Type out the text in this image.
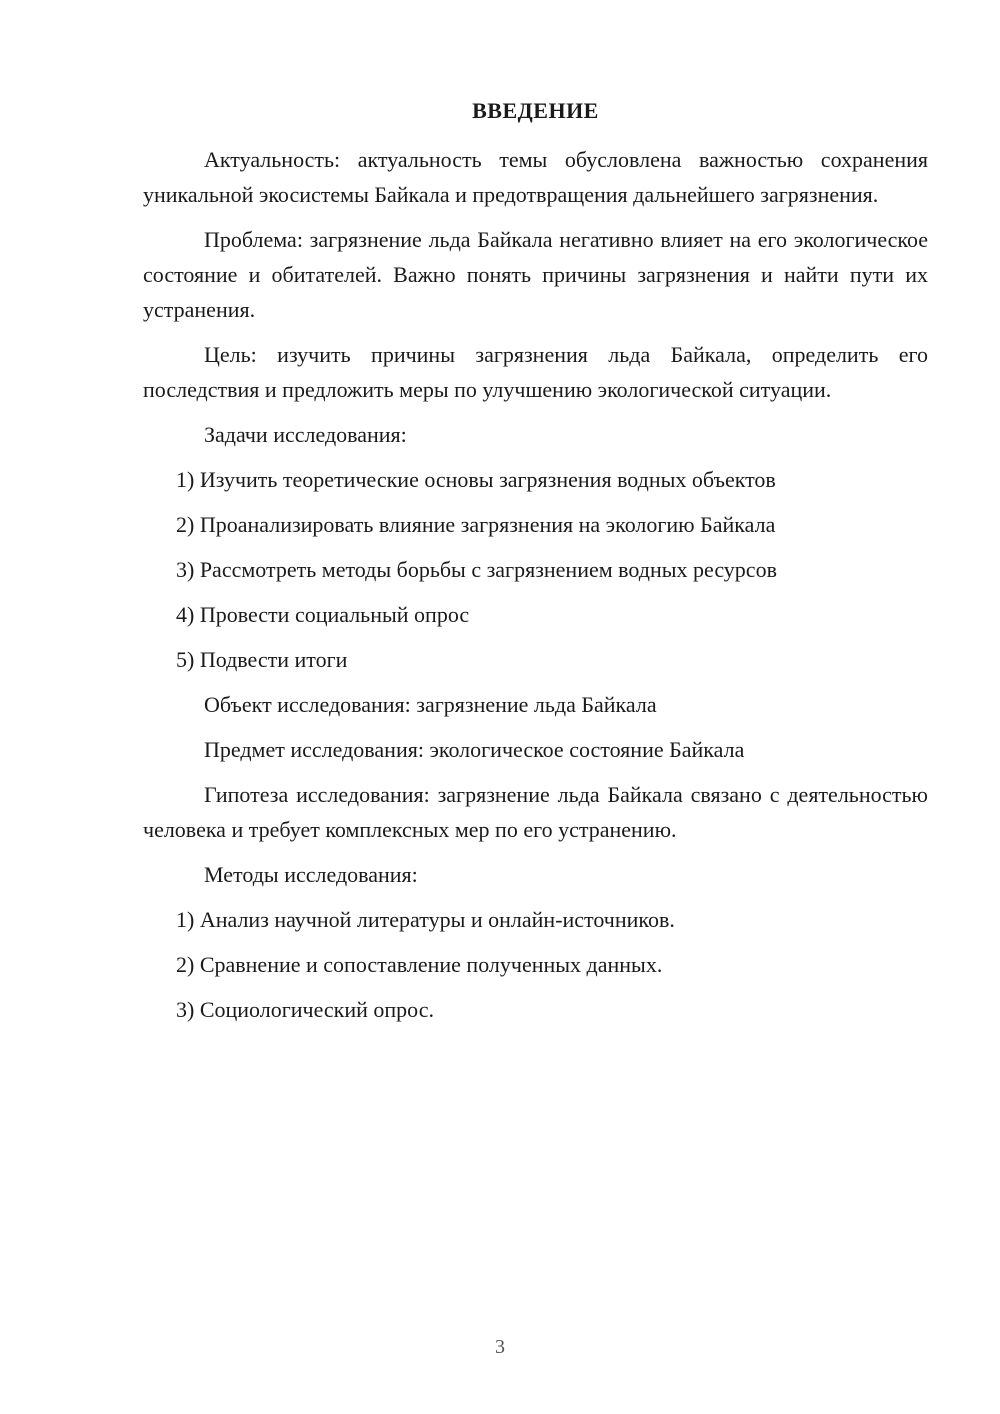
ВВЕДЕНИЕ

Актуальность: актуальность темы обусловлена важностью сохранения уникальной экосистемы Байкала и предотвращения дальнейшего загрязнения.

Проблема: загрязнение льда Байкала негативно влияет на его экологическое состояние и обитателей. Важно понять причины загрязнения и найти пути их устранения.

Цель: изучить причины загрязнения льда Байкала, определить его последствия и предложить меры по улучшению экологической ситуации.

Задачи исследования:
1) Изучить теоретические основы загрязнения водных объектов
2) Проанализировать влияние загрязнения на экологию Байкала
3) Рассмотреть методы борьбы с загрязнением водных ресурсов
4) Провести социальный опрос
5) Подвести итоги
Объект исследования: загрязнение льда Байкала
Предмет исследования: экологическое состояние Байкала

Гипотеза исследования: загрязнение льда Байкала связано с деятельностью человека и требует комплексных мер по его устранению.

Методы исследования:
1) Анализ научной литературы и онлайн-источников.
2) Сравнение и сопоставление полученных данных.
3) Социологический опрос.
3
